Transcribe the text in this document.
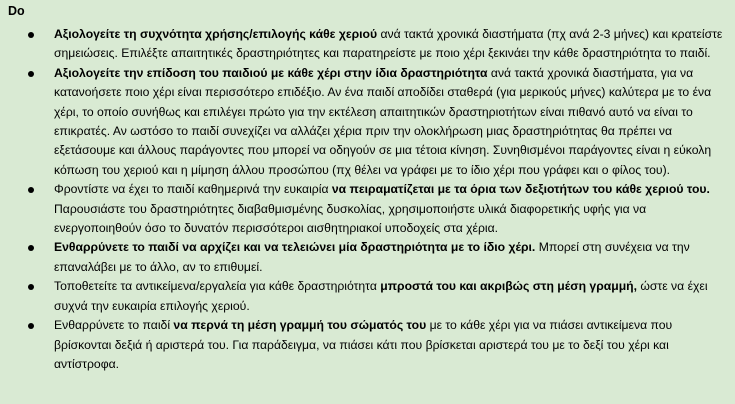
Do
Αξιολογείτε τη συχνότητα χρήσης/επιλογής κάθε χεριού ανά τακτά χρονικά διαστήματα (πχ ανά 2-3 μήνες) και κρατείστε σημειώσεις. Επιλέξτε απαιτητικές δραστηριότητες και παρατηρείστε με ποιο χέρι ξεκινάει την κάθε δραστηριότητα το παιδί.
Αξιολογείτε την επίδοση του παιδιού με κάθε χέρι στην ίδια δραστηριότητα ανά τακτά χρονικά διαστήματα, για να κατανοήσετε ποιο χέρι είναι περισσότερο επιδέξιο. Αν ένα παιδί αποδίδει σταθερά (για μερικούς μήνες) καλύτερα με το ένα χέρι, το οποίο συνήθως και επιλέγει πρώτο για την εκτέλεση απαιτητικών δραστηριοτήτων είναι πιθανό αυτό να είναι το επικρατές. Αν ωστόσο το παιδί συνεχίζει να αλλάζει χέρια πριν την ολοκλήρωση μιας δραστηριότητας θα πρέπει να εξετάσουμε και άλλους παράγοντες που μπορεί να οδηγούν σε μια τέτοια κίνηση. Συνηθισμένοι παράγοντες είναι η εύκολη κόπωση του χεριού και η μίμηση άλλου προσώπου (πχ θέλει να γράφει με το ίδιο χέρι που γράφει και ο φίλος του).
Φροντίστε να έχει το παιδί καθημερινά την ευκαιρία να πειραματίζεται με τα όρια των δεξιοτήτων του κάθε χεριού του. Παρουσιάστε του δραστηριότητες διαβαθμισμένης δυσκολίας, χρησιμοποιήστε υλικά διαφορετικής υφής για να ενεργοποιηθούν όσο το δυνατόν περισσότεροι αισθητηριακοί υποδοχείς στα χέρια.
Ενθαρρύνετε το παιδί να αρχίζει και να τελειώνει μία δραστηριότητα με το ίδιο χέρι. Μπορεί στη συνέχεια να την επαναλάβει με το άλλο, αν το επιθυμεί.
Τοποθετείτε τα αντικείμενα/εργαλεία για κάθε δραστηριότητα μπροστά του και ακριβώς στη μέση γραμμή, ώστε να έχει συχνά την ευκαιρία επιλογής χεριού.
Ενθαρρύνετε το παιδί να περνά τη μέση γραμμή του σώματός του με το κάθε χέρι για να πιάσει αντικείμενα που βρίσκονται δεξιά ή αριστερά του. Για παράδειγμα, να πιάσει κάτι που βρίσκεται αριστερά του με το δεξί του χέρι και αντίστροφα.
